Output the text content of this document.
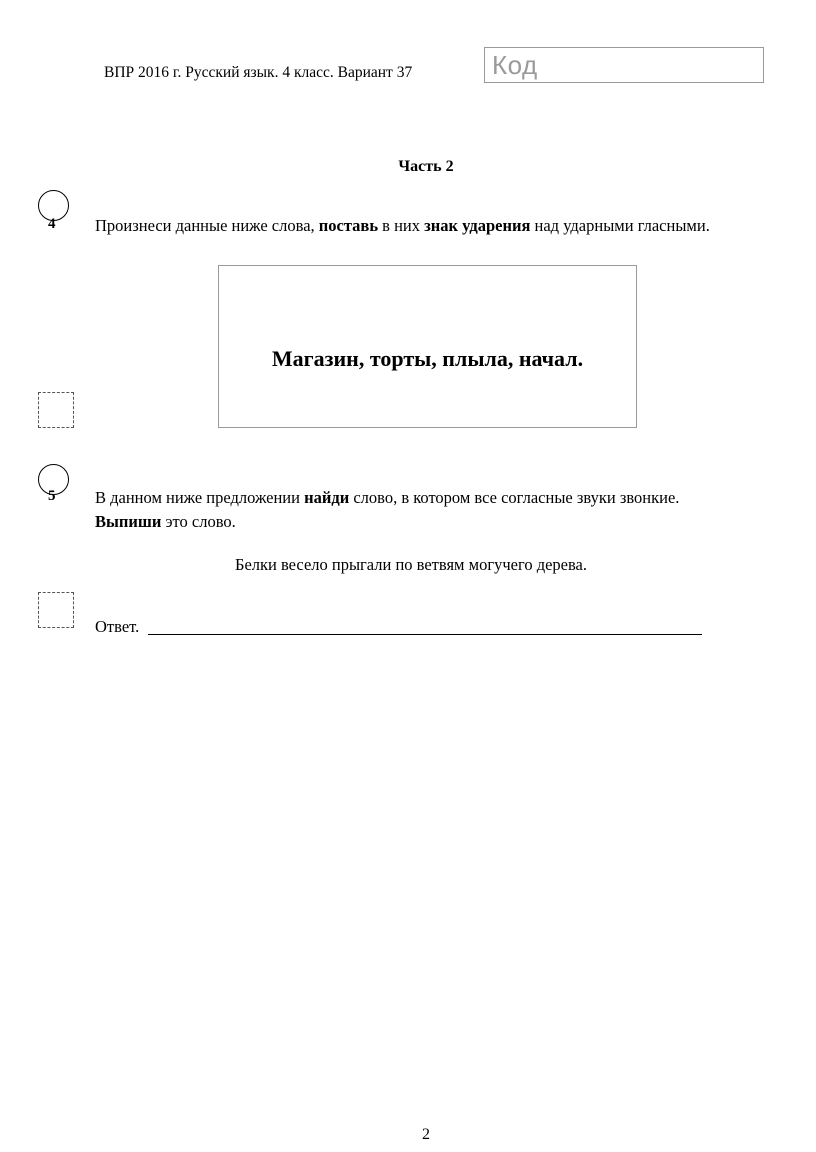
ВПР 2016 г. Русский язык. 4 класс. Вариант 37	Код
Часть 2
4 Произнеси данные ниже слова, поставь в них знак ударения над ударными гласными.
Магазин, торты, плыла, начал.
5 В данном ниже предложении найди слово, в котором все согласные звуки звонкие. Выпиши это слово.
Белки весело прыгали по ветвям могучего дерева.
Ответ.
2
